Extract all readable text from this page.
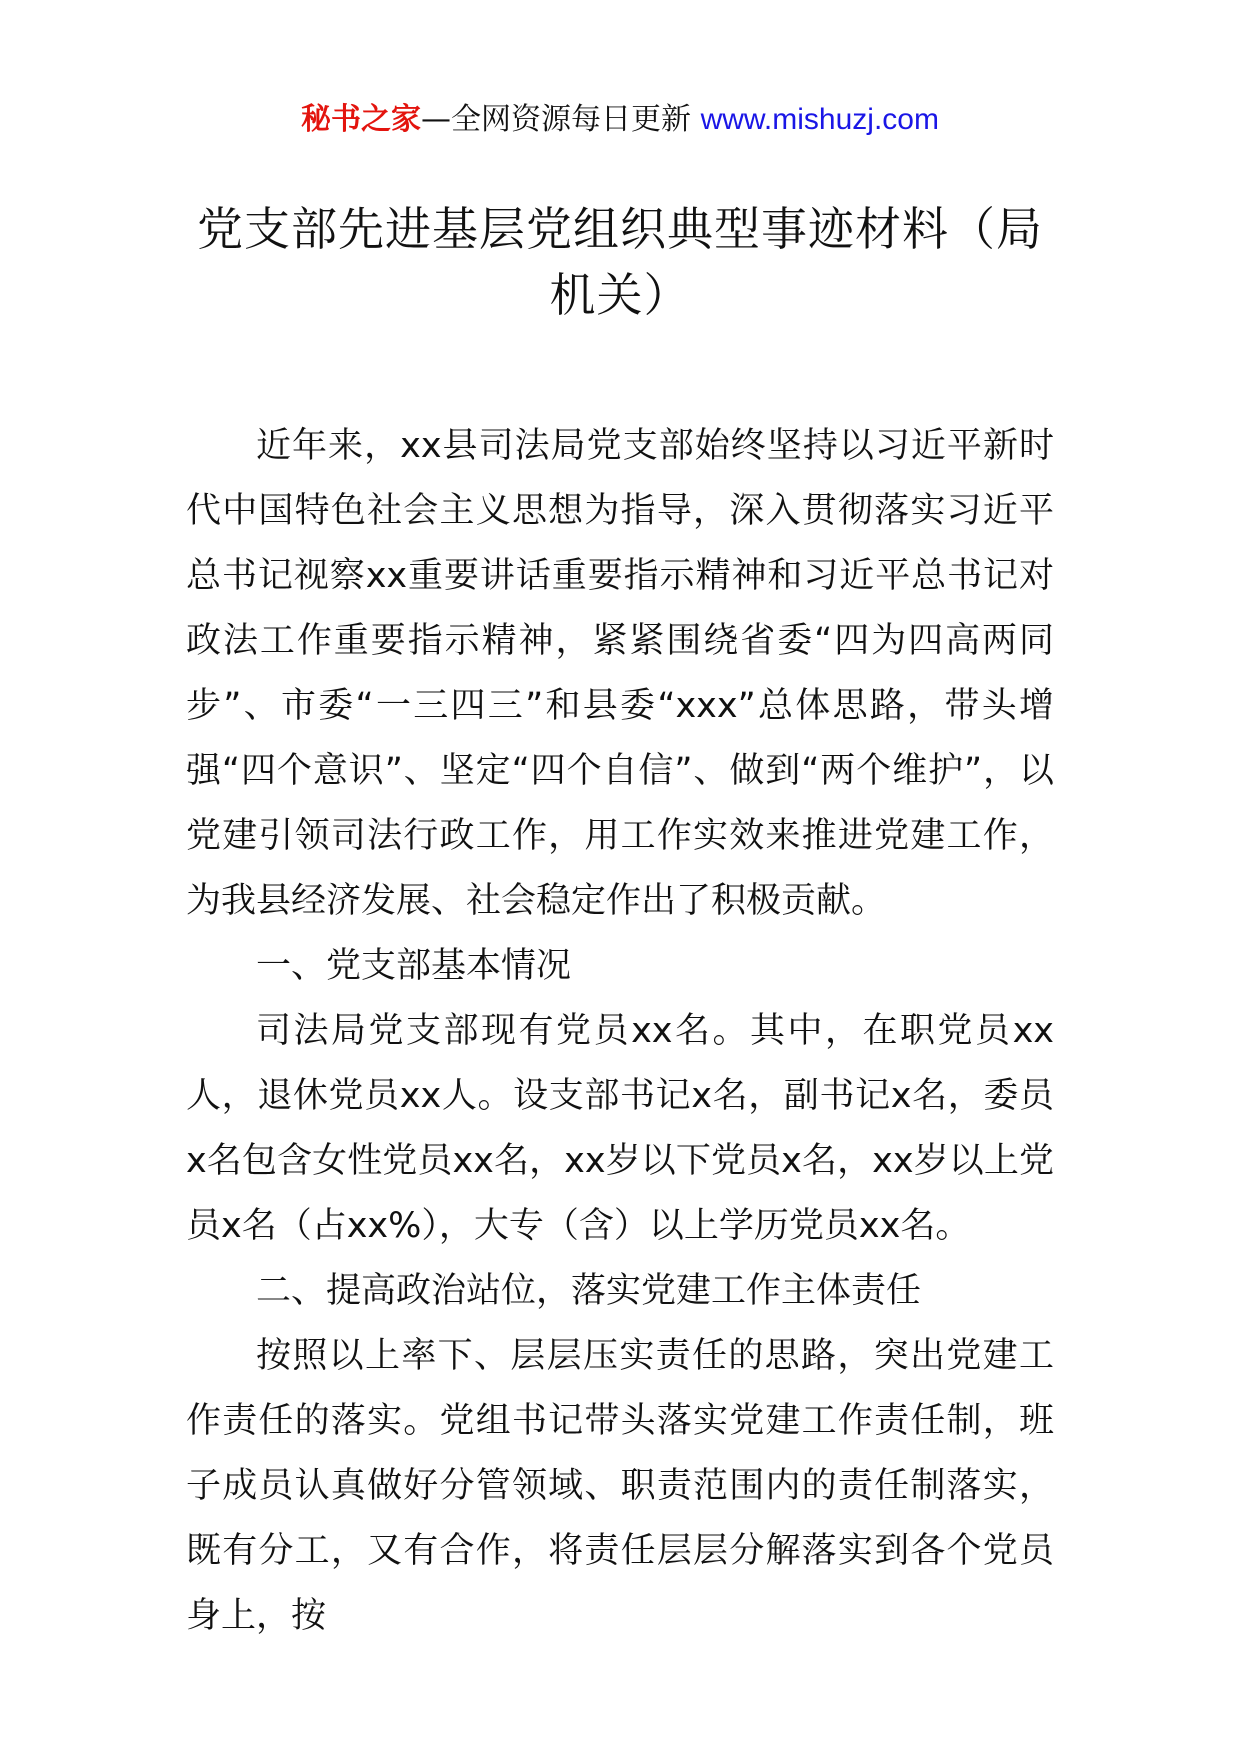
秘书之家—全网资源每日更新 www.mishuzj.com
党支部先进基层党组织典型事迹材料（局机关）

近年来，xx县司法局党支部始终坚持以习近平新时代中国特色社会主义思想为指导，深入贯彻落实习近平总书记视察xx重要讲话重要指示精神和习近平总书记对政法工作重要指示精神，紧紧围绕省委“四为四高两同步”、市委“一三四三”和县委“xxx”总体思路，带头增强“四个意识”、坚定“四个自信”、做到“两个维护”，以党建引领司法行政工作，用工作实效来推进党建工作，为我县经济发展、社会稳定作出了积极贡献。

一、党支部基本情况

司法局党支部现有党员xx名。其中，在职党员xx人，退休党员xx人。设支部书记x名，副书记x名，委员x名包含女性党员xx名，xx岁以下党员x名，xx岁以上党员x名（占xx%），大专（含）以上学历党员xx名。

二、提高政治站位，落实党建工作主体责任

按照以上率下、层层压实责任的思路，突出党建工作责任的落实。党组书记带头落实党建工作责任制，班子成员认真做好分管领域、职责范围内的责任制落实，既有分工，又有合作，将责任层层分解落实到各个党员身上，按
